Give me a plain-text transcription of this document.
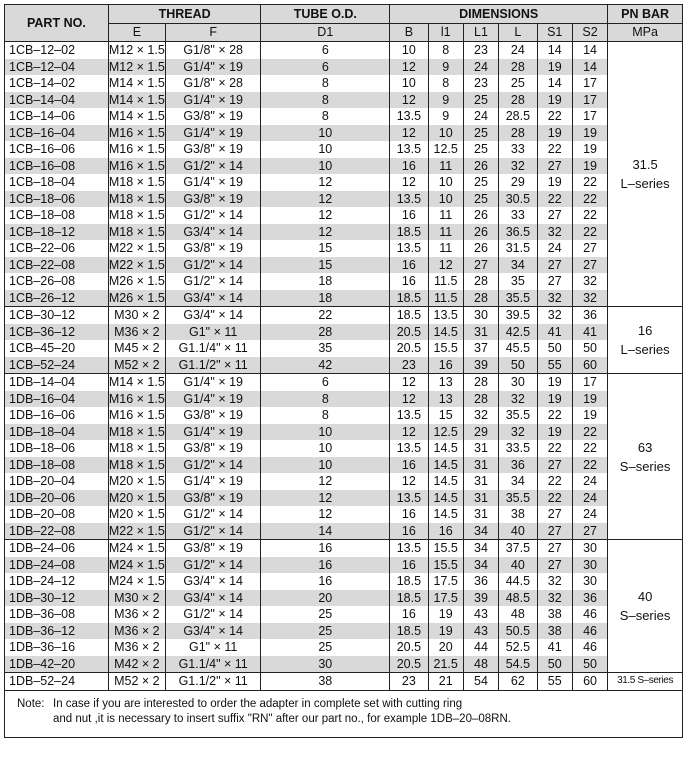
PART NO.	THREAD		TUBE O.D.	DIMENSIONS						PN BAR
	E	F	D1	B	l1	L1	L	S1	S2	MPa
1CB–12–02	M12 × 1.5	G1/8" × 28	6	10	8	23	24	14	14	31.5
L–series
1CB–12–04	M12 × 1.5	G1/4" × 19	6	12	9	24	28	19	14	
1CB–14–02	M14 × 1.5	G1/8" × 28	8	10	8	23	25	14	17	
1CB–14–04	M14 × 1.5	G1/4" × 19	8	12	9	25	28	19	17	
1CB–14–06	M14 × 1.5	G3/8" × 19	8	13.5	9	24	28.5	22	17	
1CB–16–04	M16 × 1.5	G1/4" × 19	10	12	10	25	28	19	19	
1CB–16–06	M16 × 1.5	G3/8" × 19	10	13.5	12.5	25	33	22	19	
1CB–16–08	M16 × 1.5	G1/2" × 14	10	16	11	26	32	27	19	
1CB–18–04	M18 × 1.5	G1/4" × 19	12	12	10	25	29	19	22	
1CB–18–06	M18 × 1.5	G3/8" × 19	12	13.5	10	25	30.5	22	22	
1CB–18–08	M18 × 1.5	G1/2" × 14	12	16	11	26	33	27	22	
1CB–18–12	M18 × 1.5	G3/4" × 14	12	18.5	11	26	36.5	32	22	
1CB–22–06	M22 × 1.5	G3/8" × 19	15	13.5	11	26	31.5	24	27	
1CB–22–08	M22 × 1.5	G1/2" × 14	15	16	12	27	34	27	27	
1CB–26–08	M26 × 1.5	G1/2" × 14	18	16	11.5	28	35	27	32	
1CB–26–12	M26 × 1.5	G3/4" × 14	18	18.5	11.5	28	35.5	32	32	
1CB–30–12	M30 × 2	G3/4" × 14	22	18.5	13.5	30	39.5	32	36	16
L–series
1CB–36–12	M36 × 2	G1" × 11	28	20.5	14.5	31	42.5	41	41	
1CB–45–20	M45 × 2	G1.1/4" × 11	35	20.5	15.5	37	45.5	50	50	
1CB–52–24	M52 × 2	G1.1/2" × 11	42	23	16	39	50	55	60	
1DB–14–04	M14 × 1.5	G1/4" × 19	6	12	13	28	30	19	17	63
S–series
1DB–16–04	M16 × 1.5	G1/4" × 19	8	12	13	28	32	19	19	
1DB–16–06	M16 × 1.5	G3/8" × 19	8	13.5	15	32	35.5	22	19	
1DB–18–04	M18 × 1.5	G1/4" × 19	10	12	12.5	29	32	19	22	
1DB–18–06	M18 × 1.5	G3/8" × 19	10	13.5	14.5	31	33.5	22	22	
1DB–18–08	M18 × 1.5	G1/2" × 14	10	16	14.5	31	36	27	22	
1DB–20–04	M20 × 1.5	G1/4" × 19	12	12	14.5	31	34	22	24	
1DB–20–06	M20 × 1.5	G3/8" × 19	12	13.5	14.5	31	35.5	22	24	
1DB–20–08	M20 × 1.5	G1/2" × 14	12	16	14.5	31	38	27	24	
1DB–22–08	M22 × 1.5	G1/2" × 14	14	16	16	34	40	27	27	
1DB–24–06	M24 × 1.5	G3/8" × 19	16	13.5	15.5	34	37.5	27	30	40
S–series
1DB–24–08	M24 × 1.5	G1/2" × 14	16	16	15.5	34	40	27	30	
1DB–24–12	M24 × 1.5	G3/4" × 14	16	18.5	17.5	36	44.5	32	30	
1DB–30–12	M30 × 2	G3/4" × 14	20	18.5	17.5	39	48.5	32	36	
1DB–36–08	M36 × 2	G1/2" × 14	25	16	19	43	48	38	46	
1DB–36–12	M36 × 2	G3/4" × 14	25	18.5	19	43	50.5	38	46	
1DB–36–16	M36 × 2	G1" × 11	25	20.5	20	44	52.5	41	46	
1DB–42–20	M42 × 2	G1.1/4" × 11	30	20.5	21.5	48	54.5	50	50	
1DB–52–24	M52 × 2	G1.1/2" × 11	38	23	21	54	62	55	60	31.5 S–series
Note: In case if you are interested to order the adapter in complete set with cutting ring
and nut ,it is necessary to insert suffix "RN" after our part no., for example 1DB–20–08RN.										
